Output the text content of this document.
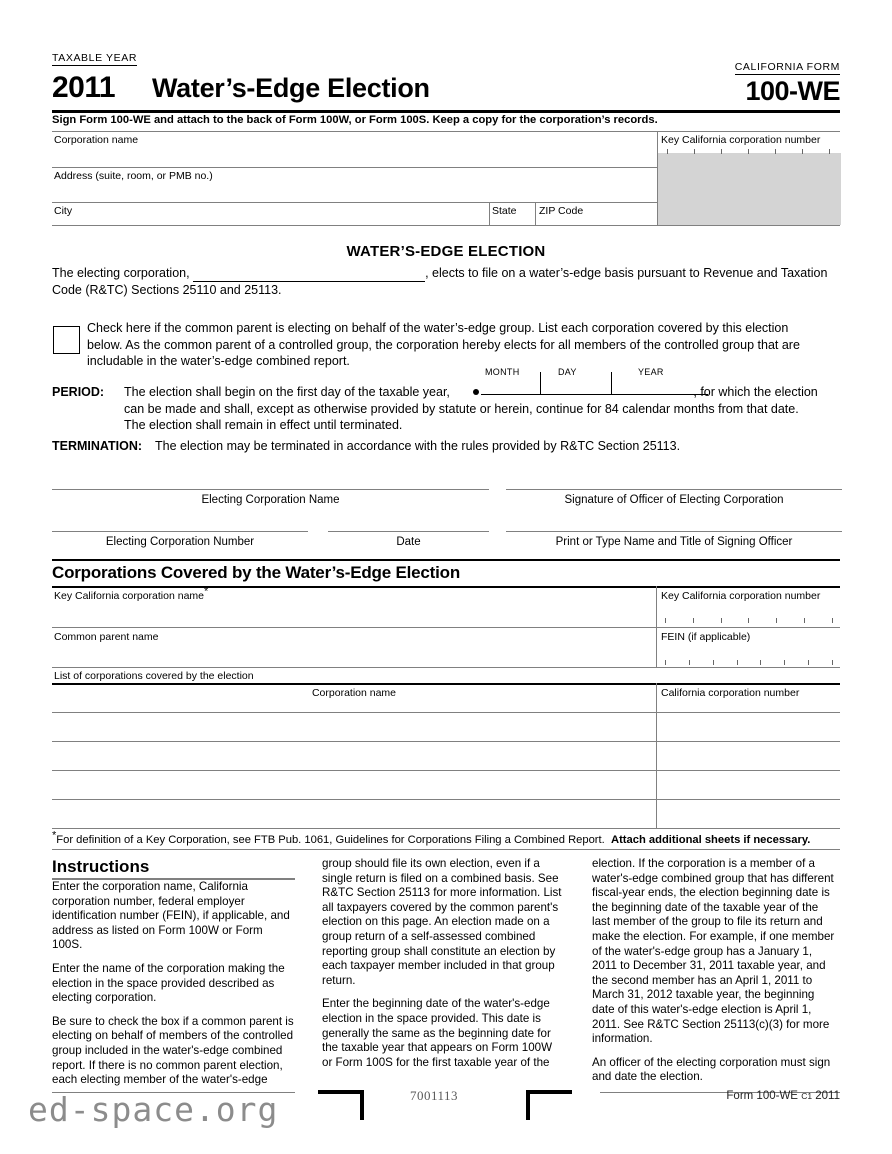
TAXABLE YEAR
2011 Water’s-Edge Election
CALIFORNIA FORM
100-WE
Sign Form 100-WE and attach to the back of Form 100W, or Form 100S. Keep a copy for the corporation’s records.
Corporation name
Address (suite, room, or PMB no.)
City	State ZIP Code
Key California corporation number
WATER’S-EDGE ELECTION
The electing corporation,	, elects to file on a water’s-edge basis pursuant to Revenue and Taxation
Code (R&TC) Sections 25110 and 25113.
Check here if the common parent is electing on behalf of the water’s-edge group. List each corporation covered by this election
below. As the common parent of a controlled group, the corporation hereby elects for all members of the controlled group that are
includable in the water’s-edge combined report.
MONTH	DAY	YEAR
PERIOD: The election shall begin on the first day of the taxable year,	, for which the election
can be made and shall, except as otherwise provided by statute or herein, continue for 84 calendar months from that date.
The election shall remain in effect until terminated.
TERMINATION: The election may be terminated in accordance with the rules provided by R&TC Section 25113.
Electing Corporation Name	Signature of Officer of Electing Corporation
Electing Corporation Number	Date	Print or Type Name and Title of Signing Officer
Corporations Covered by the Water’s-Edge Election
Key California corporation name*	Key California corporation number
Common parent name	FEIN (if applicable)
List of corporations covered by the election
Corporation name	California corporation number
*For definition of a Key Corporation, see FTB Pub. 1061, Guidelines for Corporations Filing a Combined Report. Attach additional sheets if necessary.
Instructions

Enter the corporation name, California corporation number, federal employer identification number (FEIN), if applicable, and address as listed on Form 100W or Form 100S.

Enter the name of the corporation making the election in the space provided described as electing corporation.

Be sure to check the box if a common parent is electing on behalf of members of the controlled group included in the water's-edge combined report. If there is no common parent election, each electing member of the water's-edge

group should file its own election, even if a single return is filed on a combined basis. See R&TC Section 25113 for more information. List all taxpayers covered by the common parent's election on this page. An election made on a group return of a self-assessed combined reporting group shall constitute an election by each taxpayer member included in that group return.

Enter the beginning date of the water's-edge election in the space provided. This date is generally the same as the beginning date for the taxable year that appears on Form 100W or Form 100S for the first taxable year of the

election. If the corporation is a member of a water's-edge combined group that has different fiscal-year ends, the election beginning date is the beginning date of the taxable year of the last member of the group to file its return and make the election. For example, if one member of the water's-edge group has a January 1, 2011 to December 31, 2011 taxable year, and the second member has an April 1, 2011 to March 31, 2012 taxable year, the beginning date of this water's-edge election is April 1, 2011. See R&TC Section 25113(c)(3) for more information.

An officer of the electing corporation must sign and date the election.

7001113	Form 100-WE C1 2011
ed-space.org
